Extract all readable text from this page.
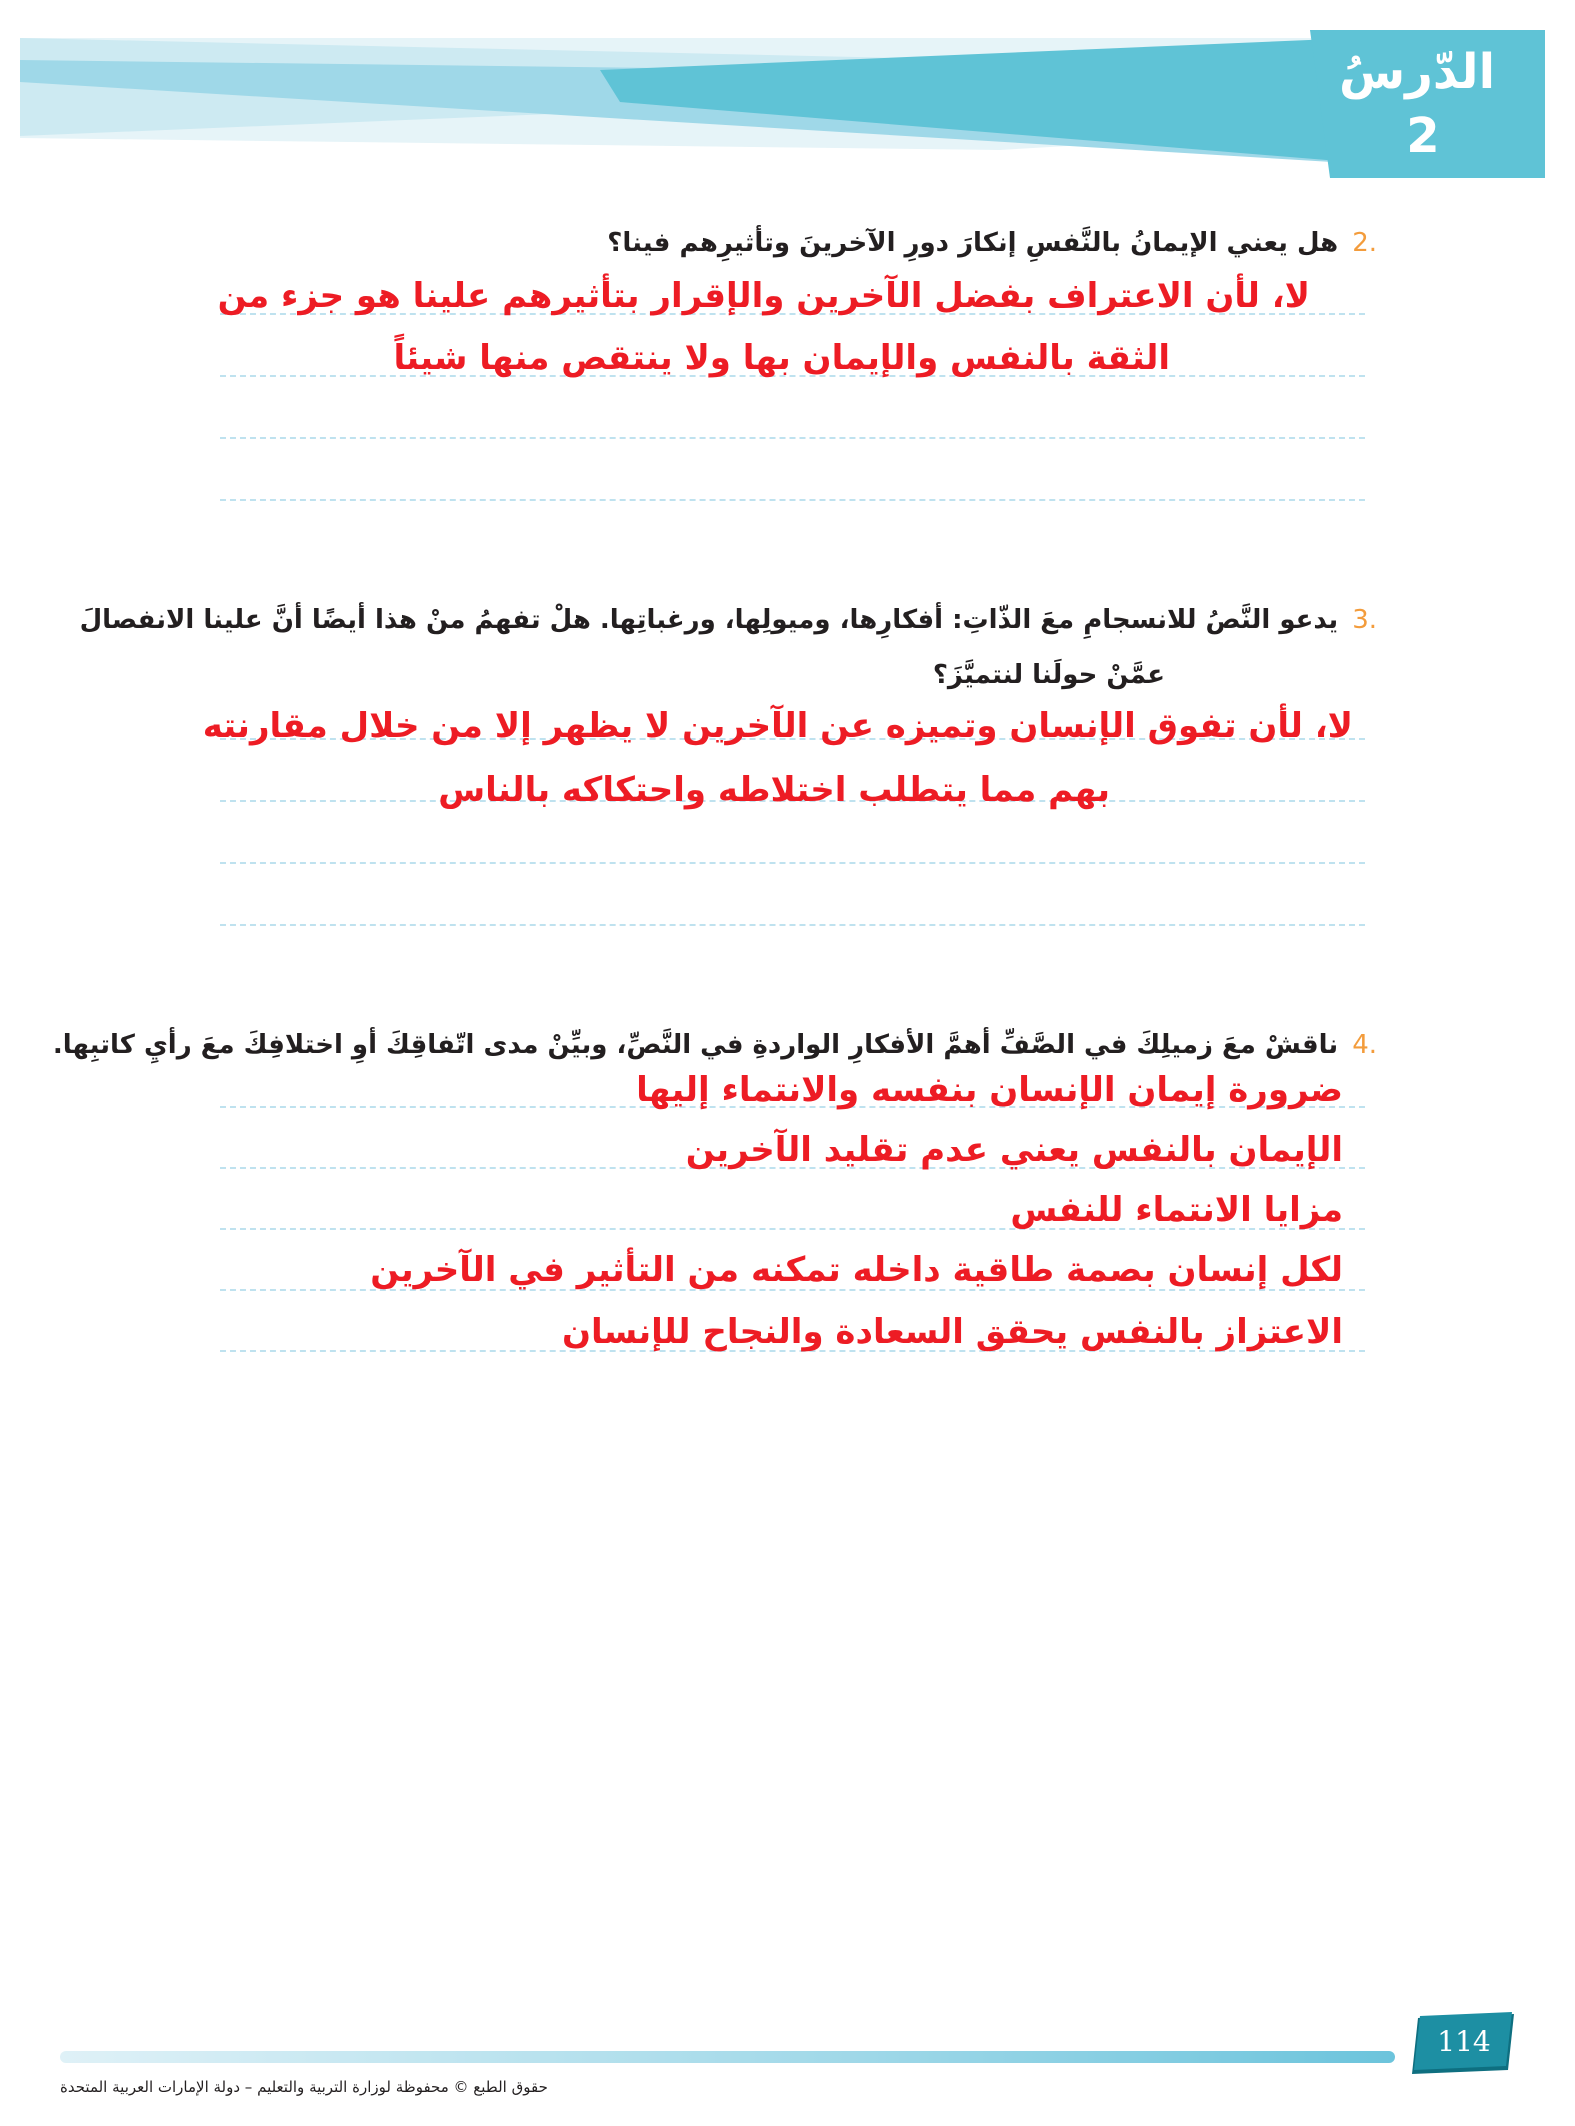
الدّرسُ
2
.2هل يعني الإيمانُ بالنَّفسِ إنكارَ دورِ الآخرينَ وتأثيرِهم فينا؟
لا، لأن الاعتراف بفضل الآخرين والإقرار بتأثيرهم علينا هو جزء من
الثقة بالنفس والإيمان بها ولا ينتقص منها شيئاً
.3يدعو النَّصُ للانسجامِ معَ الذّاتِ: أفكارِها، وميولِها، ورغباتِها. هلْ تفهمُ منْ هذا أيضًا أنَّ علينا الانفصالَ
عمَّنْ حولَنا لنتميَّزَ؟
لا، لأن تفوق الإنسان وتميزه عن الآخرين لا يظهر إلا من خلال مقارنته
بهم مما يتطلب اختلاطه واحتكاكه بالناس
.4ناقشْ معَ زميلِكَ في الصَّفِّ أهمَّ الأفكارِ الواردةِ في النَّصِّ، وبيِّنْ مدى اتّفاقِكَ أوِ اختلافِكَ معَ رأيِ كاتبِها.
ضرورة إيمان الإنسان بنفسه والانتماء إليها
الإيمان بالنفس يعني عدم تقليد الآخرين
مزايا الانتماء للنفس
لكل إنسان بصمة طاقية داخله تمكنه من التأثير في الآخرين
الاعتزاز بالنفس يحقق السعادة والنجاح للإنسان
114
حقوق الطبع © محفوظة لوزارة التربية والتعليم – دولة الإمارات العربية المتحدة
